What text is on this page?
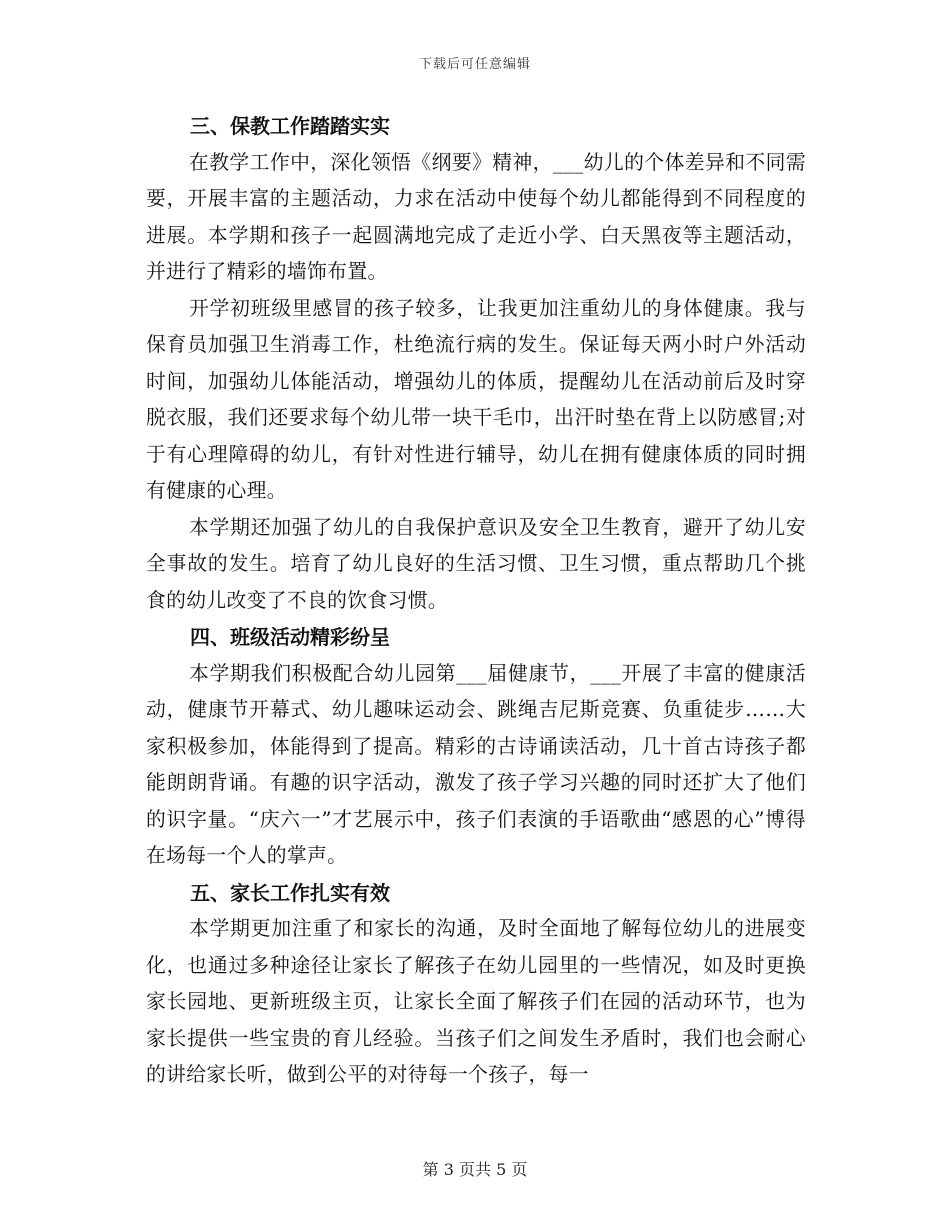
下载后可任意编辑
三、保教工作踏踏实实

在教学工作中，深化领悟《纲要》精神，___幼儿的个体差异和不同需要，开展丰富的主题活动，力求在活动中使每个幼儿都能得到不同程度的进展。本学期和孩子一起圆满地完成了走近小学、白天黑夜等主题活动，并进行了精彩的墙饰布置。

开学初班级里感冒的孩子较多，让我更加注重幼儿的身体健康。我与保育员加强卫生消毒工作，杜绝流行病的发生。保证每天两小时户外活动时间，加强幼儿体能活动，增强幼儿的体质，提醒幼儿在活动前后及时穿脱衣服，我们还要求每个幼儿带一块干毛巾，出汗时垫在背上以防感冒;对于有心理障碍的幼儿，有针对性进行辅导，幼儿在拥有健康体质的同时拥有健康的心理。

本学期还加强了幼儿的自我保护意识及安全卫生教育，避开了幼儿安全事故的发生。培育了幼儿良好的生活习惯、卫生习惯，重点帮助几个挑食的幼儿改变了不良的饮食习惯。

四、班级活动精彩纷呈

本学期我们积极配合幼儿园第___届健康节，___开展了丰富的健康活动，健康节开幕式、幼儿趣味运动会、跳绳吉尼斯竞赛、负重徒步……大家积极参加，体能得到了提高。精彩的古诗诵读活动，几十首古诗孩子都能朗朗背诵。有趣的识字活动，激发了孩子学习兴趣的同时还扩大了他们的识字量。“庆六一”才艺展示中，孩子们表演的手语歌曲“感恩的心”博得在场每一个人的掌声。

五、家长工作扎实有效

本学期更加注重了和家长的沟通，及时全面地了解每位幼儿的进展变化，也通过多种途径让家长了解孩子在幼儿园里的一些情况，如及时更换家长园地、更新班级主页，让家长全面了解孩子们在园的活动环节，也为家长提供一些宝贵的育儿经验。当孩子们之间发生矛盾时，我们也会耐心的讲给家长听，做到公平的对待每一个孩子，每一

第 3 页共 5 页
